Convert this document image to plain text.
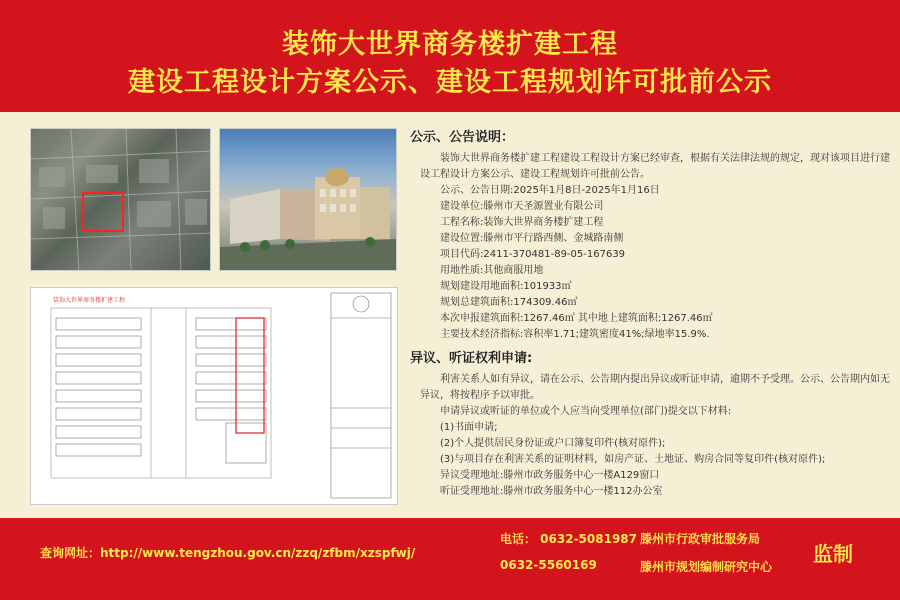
装饰大世界商务楼扩建工程
建设工程设计方案公示、建设工程规划许可批前公示
装饰大世界商务楼扩建工程
公示、公告说明：
装饰大世界商务楼扩建工程建设工程设计方案已经审查，根据有关法律法规的规定，现对该项目进行建设工程设计方案公示、建设工程规划许可批前公告。
公示、公告日期:2025年1月8日-2025年1月16日
建设单位:滕州市天圣源置业有限公司
工程名称:装饰大世界商务楼扩建工程
建设位置:滕州市平行路西侧、金城路南侧
项目代码:2411-370481-89-05-167639
用地性质:其他商服用地
规划建设用地面积:101933㎡
规划总建筑面积:174309.46㎡
本次申报建筑面积:1267.46㎡ 其中地上建筑面积:1267.46㎡
主要技术经济指标:容积率1.71;建筑密度41%;绿地率15.9%.
异议、听证权利申请:
利害关系人如有异议，请在公示、公告期内提出异议或听证申请，逾期不予受理。公示、公告期内如无异议，将按程序予以审批。
申请异议或听证的单位或个人应当向受理单位(部门)提交以下材料:
(1)书面申请;
(2)个人提供居民身份证或户口簿复印件(核对原件);
(3)与项目存在利害关系的证明材料，如房产证、土地证、购房合同等复印件(核对原件);
异议受理地址:滕州市政务服务中心一楼A129窗口
听证受理地址:滕州市政务服务中心一楼112办公室
查询网址：http://www.tengzhou.gov.cn/zzq/zfbm/xzspfwj/
电话： 0632-5081987 滕州市行政审批服务局
0632-5560169	滕州市规划编制研究中心
监制
